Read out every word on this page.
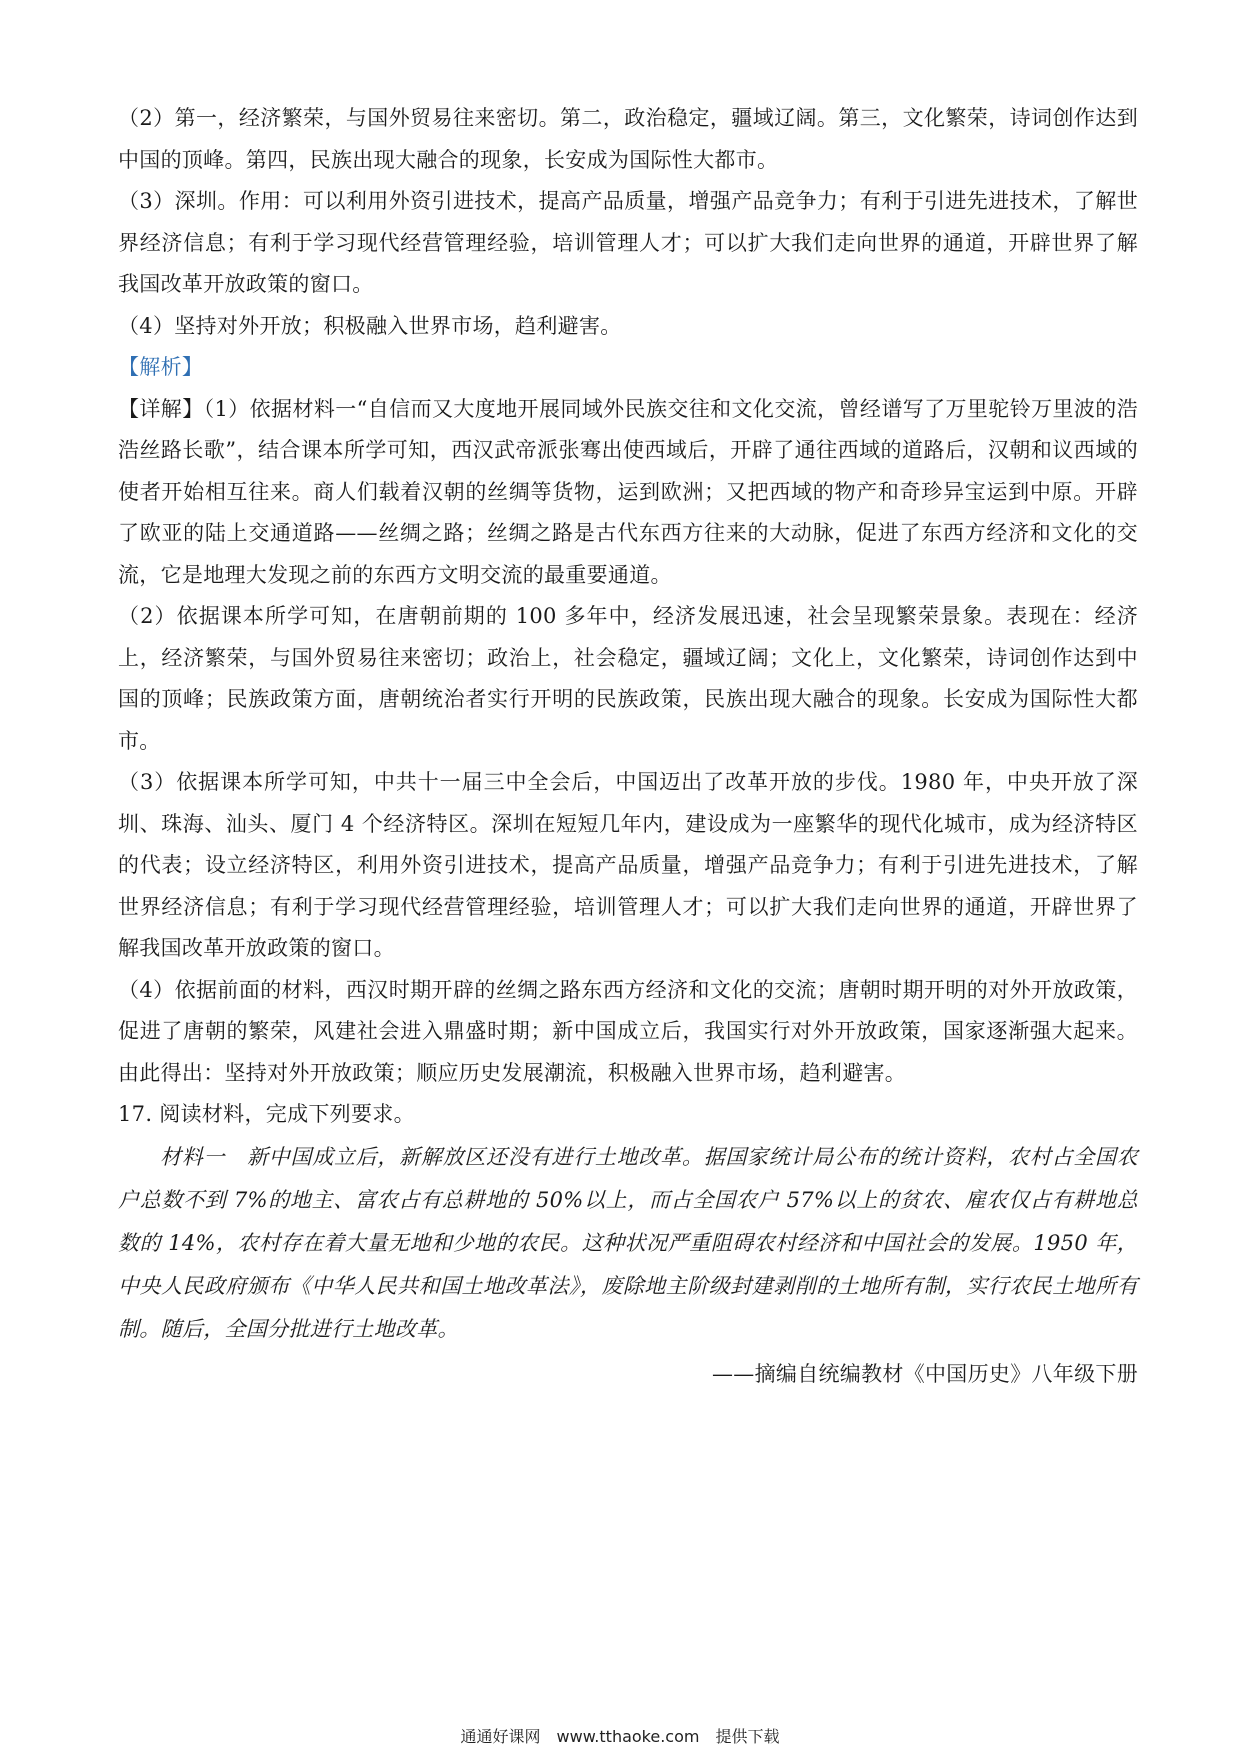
（2）第一，经济繁荣，与国外贸易往来密切。第二，政治稳定，疆域辽阔。第三，文化繁荣，诗词创作达到中国的顶峰。第四，民族出现大融合的现象，长安成为国际性大都市。

（3）深圳。作用：可以利用外资引进技术，提高产品质量，增强产品竞争力；有利于引进先进技术，了解世界经济信息；有利于学习现代经营管理经验，培训管理人才；可以扩大我们走向世界的通道，开辟世界了解我国改革开放政策的窗口。

（4）坚持对外开放；积极融入世界市场，趋利避害。

【解析】

【详解】（1）依据材料一“自信而又大度地开展同域外民族交往和文化交流，曾经谱写了万里驼铃万里波的浩浩丝路长歌”，结合课本所学可知，西汉武帝派张骞出使西域后，开辟了通往西域的道路后，汉朝和议西域的使者开始相互往来。商人们载着汉朝的丝绸等货物，运到欧洲；又把西域的物产和奇珍异宝运到中原。开辟了欧亚的陆上交通道路——丝绸之路；丝绸之路是古代东西方往来的大动脉，促进了东西方经济和文化的交流，它是地理大发现之前的东西方文明交流的最重要通道。

（2）依据课本所学可知，在唐朝前期的 100 多年中，经济发展迅速，社会呈现繁荣景象。表现在：经济上，经济繁荣，与国外贸易往来密切；政治上，社会稳定，疆域辽阔；文化上，文化繁荣，诗词创作达到中国的顶峰；民族政策方面，唐朝统治者实行开明的民族政策，民族出现大融合的现象。长安成为国际性大都市。

（3）依据课本所学可知，中共十一届三中全会后，中国迈出了改革开放的步伐。1980 年，中央开放了深圳、珠海、汕头、厦门 4 个经济特区。深圳在短短几年内，建设成为一座繁华的现代化城市，成为经济特区的代表；设立经济特区，利用外资引进技术，提高产品质量，增强产品竞争力；有利于引进先进技术，了解世界经济信息；有利于学习现代经营管理经验，培训管理人才；可以扩大我们走向世界的通道，开辟世界了解我国改革开放政策的窗口。

（4）依据前面的材料，西汉时期开辟的丝绸之路东西方经济和文化的交流；唐朝时期开明的对外开放政策，促进了唐朝的繁荣，风建社会进入鼎盛时期；新中国成立后，我国实行对外开放政策，国家逐渐强大起来。由此得出：坚持对外开放政策；顺应历史发展潮流，积极融入世界市场，趋利避害。

17. 阅读材料，完成下列要求。

材料一　新中国成立后，新解放区还没有进行土地改革。据国家统计局公布的统计资料，农村占全国农户总数不到 7%的地主、富农占有总耕地的 50%以上，而占全国农户 57%以上的贫农、雇农仅占有耕地总数的 14%，农村存在着大量无地和少地的农民。这种状况严重阻碍农村经济和中国社会的发展。1950 年，中央人民政府颁布《中华人民共和国土地改革法》，废除地主阶级封建剥削的土地所有制，实行农民土地所有制。随后，全国分批进行土地改革。

——摘编自统编教材《中国历史》八年级下册

通通好课网　www.tthaoke.com　提供下载
